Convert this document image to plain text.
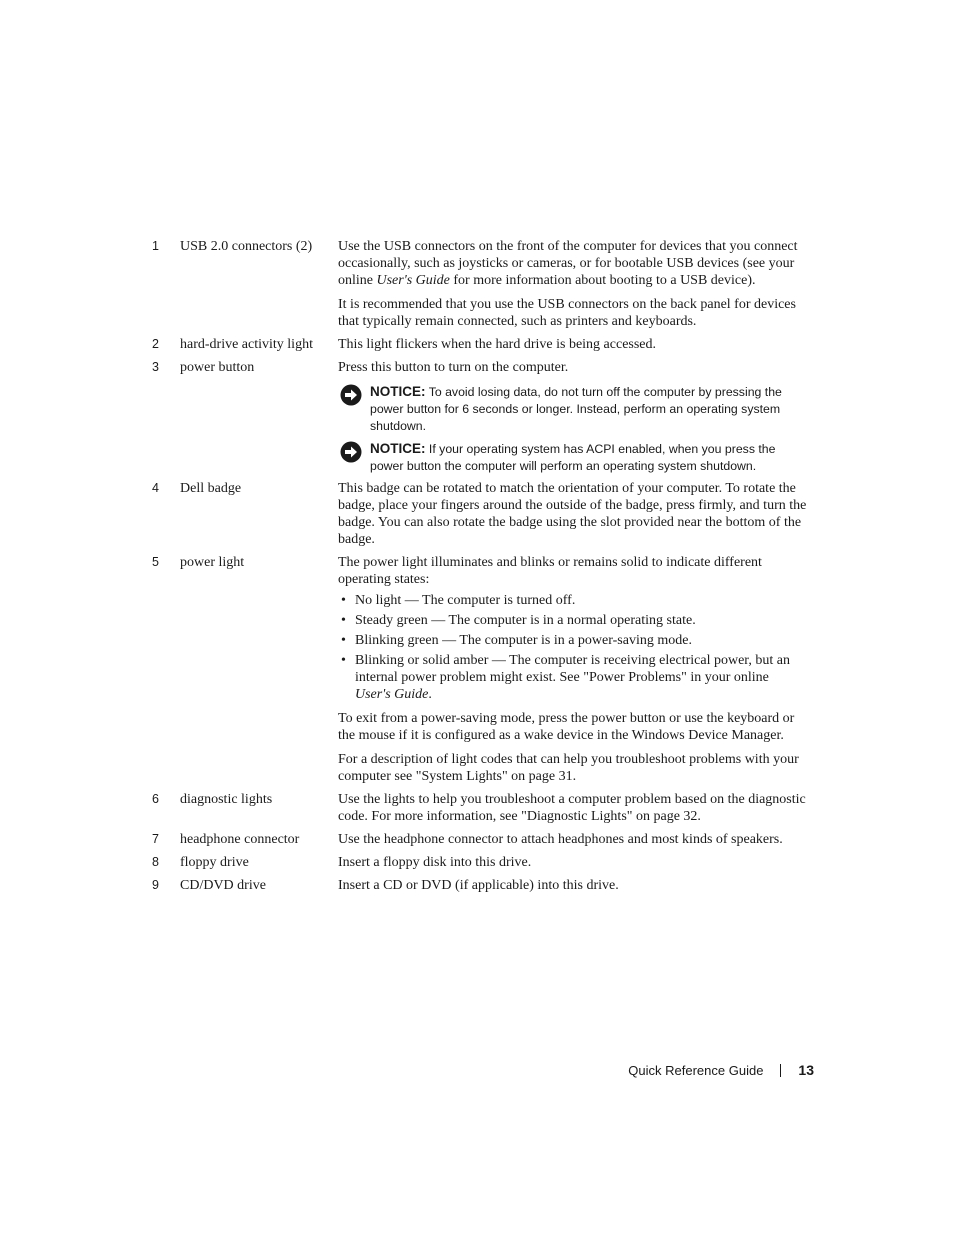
1 USB 2.0 connectors (2)	Use the USB connectors on the front of the computer for devices that you connect occasionally, such as joysticks or cameras, or for bootable USB devices (see your online User's Guide for more information about booting to a USB device).

It is recommended that you use the USB connectors on the back panel for devices that typically remain connected, such as printers and keyboards.

2 hard-drive activity light	This light flickers when the hard drive is being accessed.

3 power button	Press this button to turn on the computer.

NOTICE: To avoid losing data, do not turn off the computer by pressing the power button for 6 seconds or longer. Instead, perform an operating system shutdown.
NOTICE: If your operating system has ACPI enabled, when you press the power button the computer will perform an operating system shutdown.
4 Dell badge	This badge can be rotated to match the orientation of your computer. To rotate the badge, place your fingers around the outside of the badge, press firmly, and turn the badge. You can also rotate the badge using the slot provided near the bottom of the badge.

5 power light	The power light illuminates and blinks or remains solid to indicate different operating states:

• No light — The computer is turned off.
• Steady green — The computer is in a normal operating state.
• Blinking green — The computer is in a power-saving mode.
• Blinking or solid amber — The computer is receiving electrical power, but an internal power problem might exist. See "Power Problems" in your online User's Guide.

To exit from a power-saving mode, press the power button or use the keyboard or the mouse if it is configured as a wake device in the Windows Device Manager.

For a description of light codes that can help you troubleshoot problems with your computer see "System Lights" on page 31.

6 diagnostic lights	Use the lights to help you troubleshoot a computer problem based on the diagnostic code. For more information, see "Diagnostic Lights" on page 32.

7 headphone connector	Use the headphone connector to attach headphones and most kinds of speakers.

8 floppy drive	Insert a floppy disk into this drive.

9 CD/DVD drive	Insert a CD or DVD (if applicable) into this drive.

Quick Reference Guide	13
